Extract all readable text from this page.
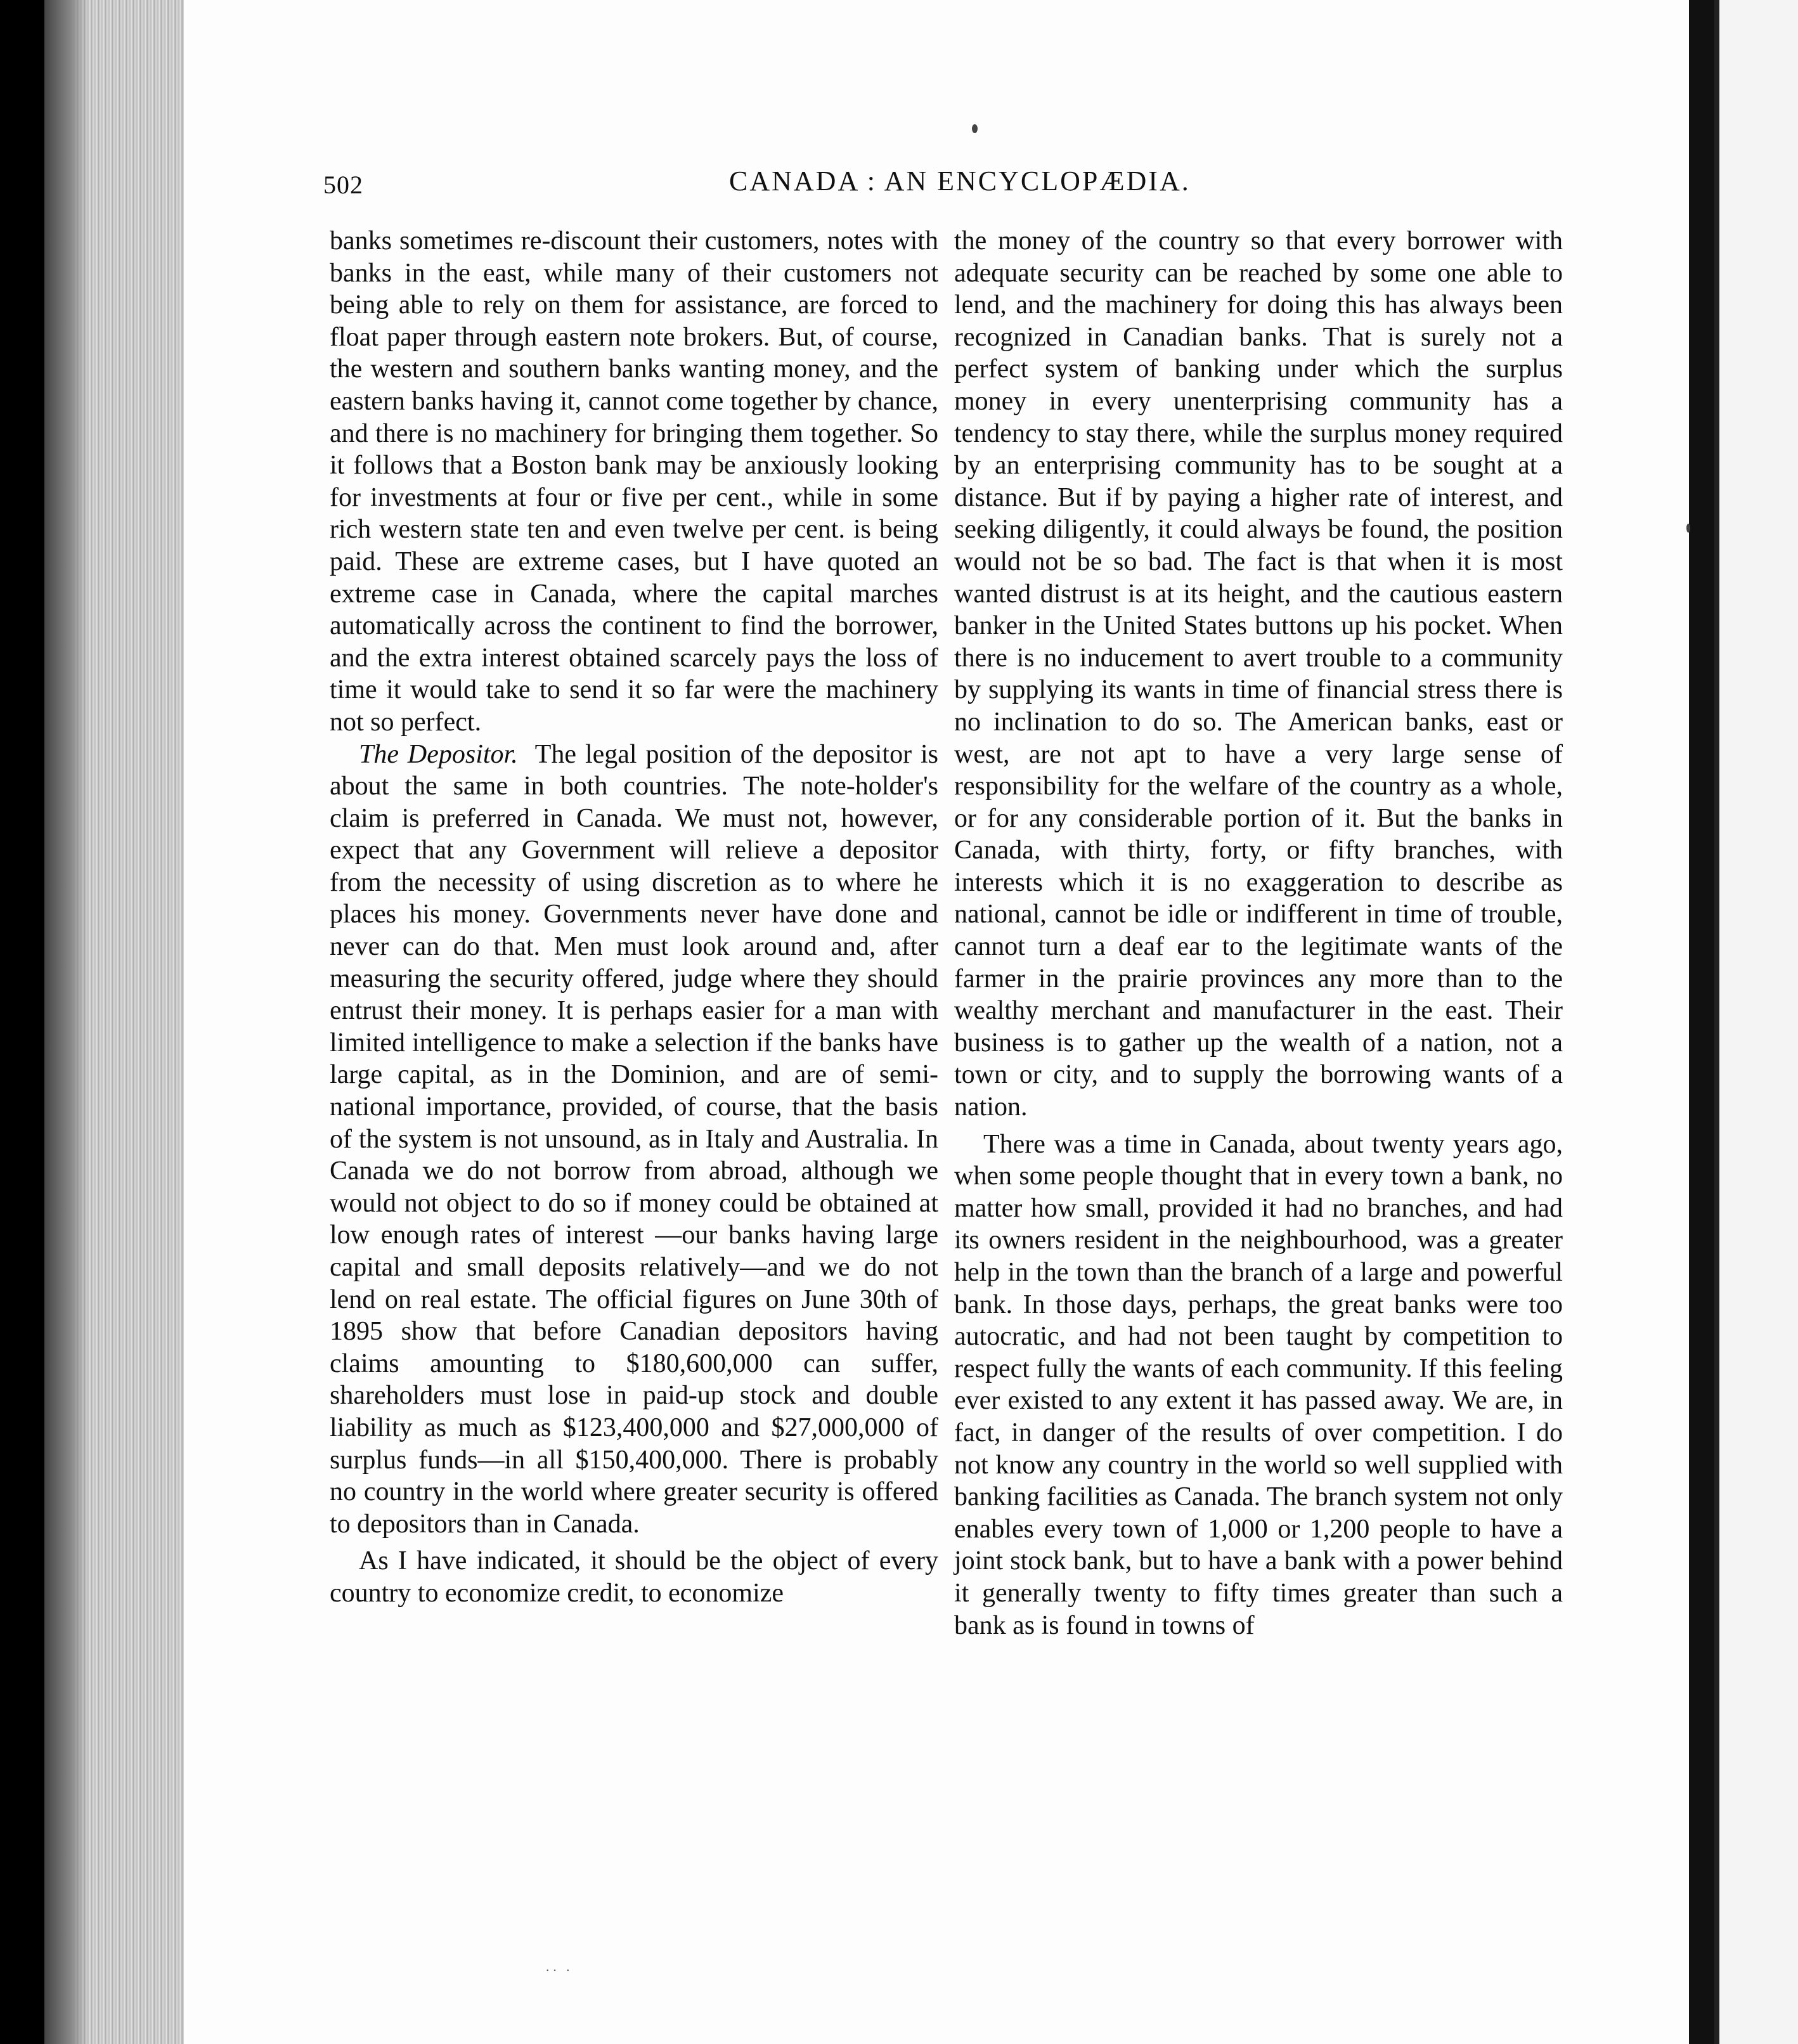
502	CANADA : AN ENCYCLOPÆDIA.

banks sometimes re-discount their customers, notes with banks in the east, while many of their customers not being able to rely on them for assistance, are forced to float paper through eastern note brokers. But, of course, the western and southern banks wanting money, and the eastern banks having it, cannot come together by chance, and there is no machinery for bringing them together. So it follows that a Boston bank may be anxiously looking for investments at four or five per cent., while in some rich western state ten and even twelve per cent. is being paid. These are extreme cases, but I have quoted an extreme case in Canada, where the capital marches automatically across the continent to find the borrower, and the extra interest obtained scarcely pays the loss of time it would take to send it so far were the machinery not so perfect.

The Depositor. The legal position of the depositor is about the same in both countries. The note-holder's claim is preferred in Canada. We must not, however, expect that any Government will relieve a depositor from the necessity of using discretion as to where he places his money. Governments never have done and never can do that. Men must look around and, after measuring the security offered, judge where they should entrust their money. It is perhaps easier for a man with limited intelligence to make a selection if the banks have large capital, as in the Dominion, and are of semi-national importance, provided, of course, that the basis of the system is not unsound, as in Italy and Australia. In Canada we do not borrow from abroad, although we would not object to do so if money could be obtained at low enough rates of interest —our banks having large capital and small deposits relatively—and we do not lend on real estate. The official figures on June 30th of 1895 show that before Canadian depositors having claims amounting to $180,600,000 can suffer, shareholders must lose in paid-up stock and double liability as much as $123,400,000 and $27,000,000 of surplus funds—in all $150,400,000. There is probably no country in the world where greater security is offered to depositors than in Canada.

As I have indicated, it should be the object of every country to economize credit, to economize

the money of the country so that every borrower with adequate security can be reached by some one able to lend, and the machinery for doing this has always been recognized in Canadian banks. That is surely not a perfect system of banking under which the surplus money in every unenterprising community has a tendency to stay there, while the surplus money required by an enterprising community has to be sought at a distance. But if by paying a higher rate of interest, and seeking diligently, it could always be found, the position would not be so bad. The fact is that when it is most wanted distrust is at its height, and the cautious eastern banker in the United States buttons up his pocket. When there is no inducement to avert trouble to a community by supplying its wants in time of financial stress there is no inclination to do so. The American banks, east or west, are not apt to have a very large sense of responsibility for the welfare of the country as a whole, or for any considerable portion of it. But the banks in Canada, with thirty, forty, or fifty branches, with interests which it is no exaggeration to describe as national, cannot be idle or indifferent in time of trouble, cannot turn a deaf ear to the legitimate wants of the farmer in the prairie provinces any more than to the wealthy merchant and manufacturer in the east. Their business is to gather up the wealth of a nation, not a town or city, and to supply the borrowing wants of a nation.

There was a time in Canada, about twenty years ago, when some people thought that in every town a bank, no matter how small, provided it had no branches, and had its owners resident in the neighbourhood, was a greater help in the town than the branch of a large and powerful bank. In those days, perhaps, the great banks were too autocratic, and had not been taught by competition to respect fully the wants of each community. If this feeling ever existed to any extent it has passed away. We are, in fact, in danger of the results of over competition. I do not know any country in the world so well supplied with banking facilities as Canada. The branch system not only enables every town of 1,000 or 1,200 people to have a joint stock bank, but to have a bank with a power behind it generally twenty to fifty times greater than such a bank as is found in towns of

·· ·
